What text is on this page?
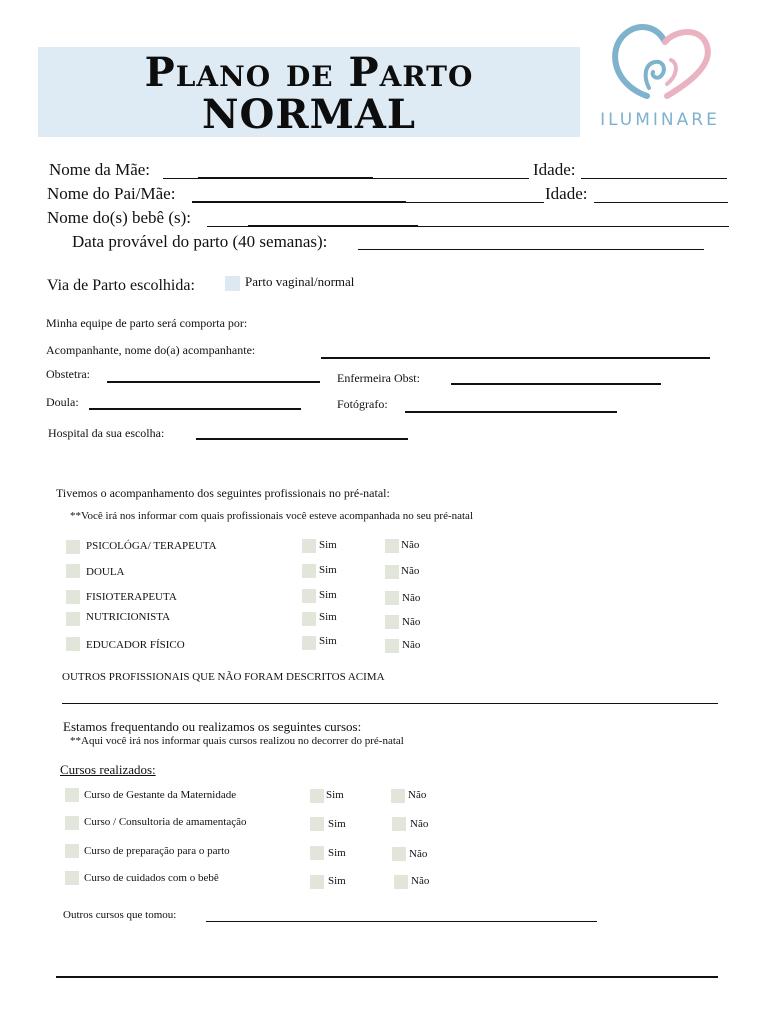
Plano de Parto
NORMAL	ILUMINARE
Nome da Mãe:	Idade:
Nome do Pai/Mãe:	Idade:
Nome do(s) bebê (s):
Data provável do parto (40 semanas):
Via de Parto escolhida:	Parto vaginal/normal
Minha equipe de parto será comporta por:
Acompanhante, nome do(a) acompanhante:
Obstetra:	Enfermeira Obst:
Doula:	Fotógrafo:
Hospital da sua escolha:
Tivemos o acompanhamento dos seguintes profissionais no pré-natal:
**Você irá nos informar com quais profissionais você esteve acompanhada no seu pré-natal
PSICOLÓGA/ TERAPEUTA	Sim	Não
DOULA	Sim	Não
FISIOTERAPEUTA	Sim	Não
NUTRICIONISTA	Sim	Não
EDUCADOR FÍSICO	Sim	Não
OUTROS PROFISSIONAIS QUE NÃO FORAM DESCRITOS ACIMA
Estamos frequentando ou realizamos os seguintes cursos:
**Aqui você irá nos informar quais cursos realizou no decorrer do pré-natal
Cursos realizados:
Curso de Gestante da Maternidade	Sim	Não
Curso / Consultoria de amamentação	Sim	Não
Curso de preparação para o parto	Sim	Não
Curso de cuidados com o bebê	Sim	Não
Outros cursos que tomou:
